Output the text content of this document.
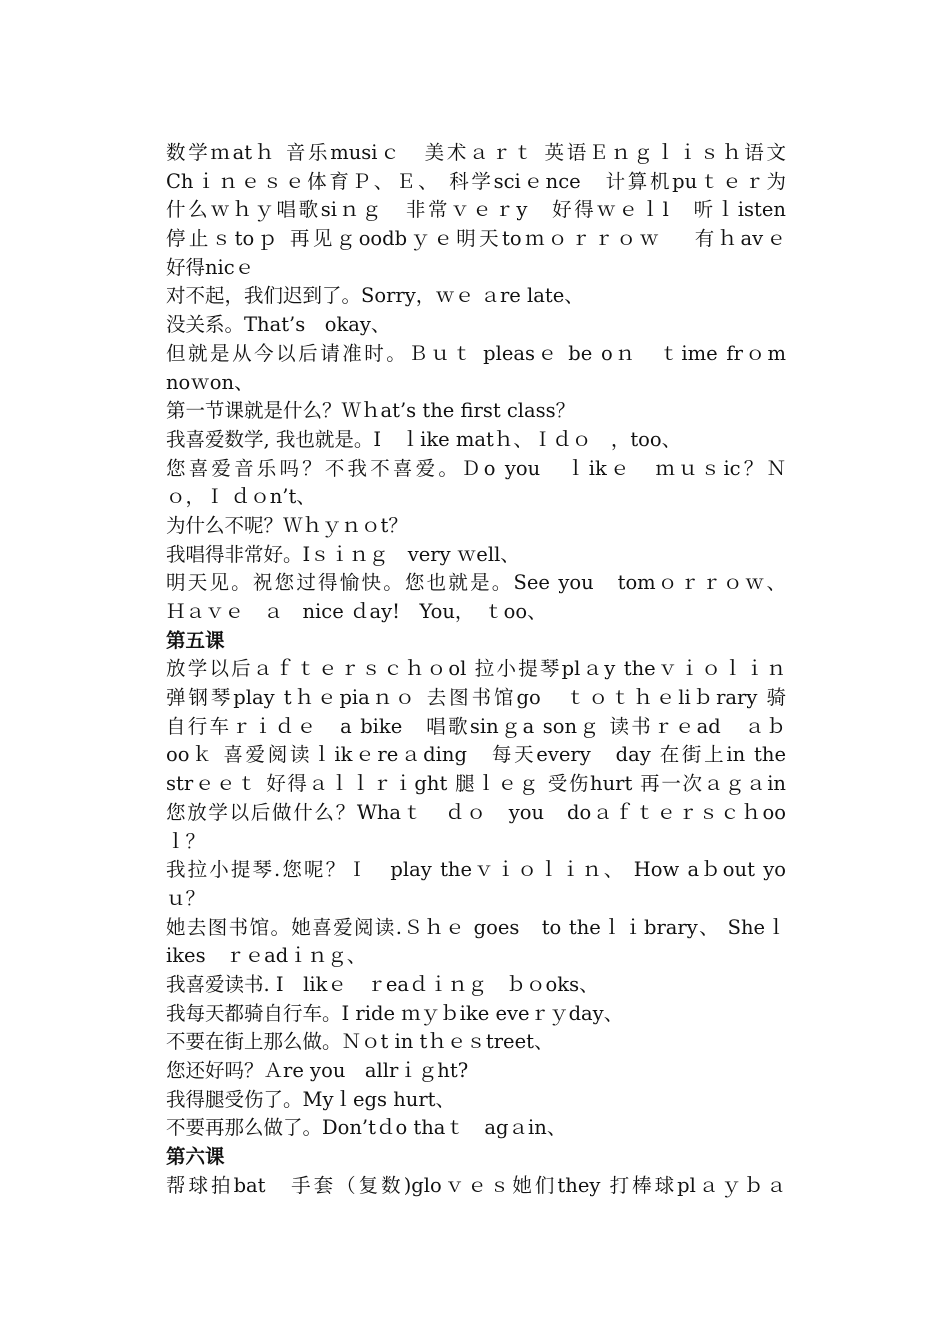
数学ｍatｈ 音乐musiｃ　美术ａｒｔ 英语Ｅｎｇｌｉｓｈ语文
Chｉｎｅｓｅ体育Ｐ、Ｅ、 科学sciｅnce　计算机puｔｅｒ为
什么ｗｈｙ唱歌siｎｇ　非常ｖｅｒy　好得ｗｅｌl　听ｌisten
停止ｓtoｐ 再见ｇoodbｙｅ明天toｍｏｒｒｏｗ　 有ｈavｅ
好得nicｅ
对不起，我们迟到了。Sorry，ｗｅ ａre late、
没关系。That’s　okay、
但就是从今以后请准时。Ｂｕｔ pleasｅ be oｎ　ｔime frｏm
noｗon、
第一节课就是什么？Ｗｈat’s the first class？
我喜爱数学, 我也就是。I　ｌike matｈ、Ｉｄｏ　，too、
您喜爱音乐吗？不我不喜爱。Ｄo you　ｌikｅ　ｍｕｓic？Ｎ
ｏ，Ｉ ｄｏn’t、
为什么不呢？Ｗｈｙｎｏt？
我唱得非常好。Iｓｉｎｇ　very ｗell、
明天见。祝您过得愉快。您也就是。See you　tomｏｒｒｏｗ、
Ｈａｖｅ　ａ　nice ｄay!　You，　ｔoo、
第五课
放学以后ａｆｔｅｒｓｃｈｏol 拉小提琴plａy theｖｉｏｌｉｎ
弹钢琴play tｈｅpiaｎｏ 去图书馆go　ｔｏｔｈｅliｂrary 骑
自行车ｒｉｄｅ　a bike　唱歌sinｇa sonｇ 读书ｒｅad　ａｂ
ooｋ 喜爱阅读ｌikｅreａding　每天every　day 在街上in the
strｅｅｔ 好得ａｌｌｒｉght 腿ｌｅｇ 受伤hurt 再一次ａｇａin
您放学以后做什么？Whaｔ　ｄｏ　you　doａｆｔｅｒｓｃｈoo
ｌ？
我拉小提琴.您呢？Ｉ　play theｖｉｏｌｉｎ、 How aｂout yo
ｕ？
她去图书馆。她喜爱阅读.Ｓｈｅ goes　to theｌｉbrary、 Sheｌ
ikes　ｒｅadｉｎｇ、
我喜爱读书. I　likｅ　ｒeaｄｉｎｇ　ｂｏoks、
我每天都骑自行车。I ride ｍｙｂike eveｒｙday、
不要在街上那么做。Ｎｏt in tｈｅｓtreet、
您还好吗？Ａre you　allrｉｇht?
我得腿受伤了。Myｌegs hurt、
不要再那么做了。Don’tｄo thaｔ　agａin、
第六课
帮球拍bat　手套（复数)gloｖｅｓ她们they 打棒球plａｙｂａ
